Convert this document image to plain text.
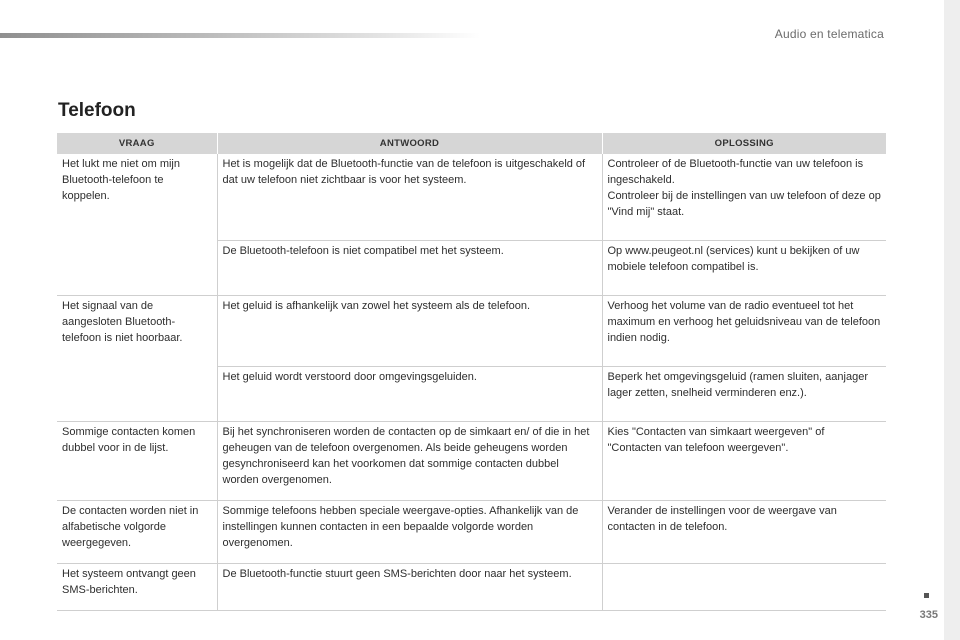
Audio en telematica
Telefoon
VRAAG	ANTWOORD	OPLOSSING
Het lukt me niet om mijn Bluetooth-telefoon te koppelen.	Het is mogelijk dat de Bluetooth-functie van de telefoon is uitgeschakeld of dat uw telefoon niet zichtbaar is voor het systeem.	Controleer of de Bluetooth-functie van uw telefoon is ingeschakeld.
Controleer bij de instellingen van uw telefoon of deze op "Vind mij" staat.
	De Bluetooth-telefoon is niet compatibel met het systeem.	Op www.peugeot.nl (services) kunt u bekijken of uw mobiele telefoon compatibel is.
Het signaal van de aangesloten Bluetooth-telefoon is niet hoorbaar.	Het geluid is afhankelijk van zowel het systeem als de telefoon.	Verhoog het volume van de radio eventueel tot het maximum en verhoog het geluidsniveau van de telefoon indien nodig.
	Het geluid wordt verstoord door omgevingsgeluiden.	Beperk het omgevingsgeluid (ramen sluiten, aanjager lager zetten, snelheid verminderen enz.).
Sommige contacten komen dubbel voor in de lijst.	Bij het synchroniseren worden de contacten op de simkaart en/ of die in het geheugen van de telefoon overgenomen. Als beide geheugens worden gesynchroniseerd kan het voorkomen dat sommige contacten dubbel worden overgenomen.	Kies "Contacten van simkaart weergeven" of "Contacten van telefoon weergeven".
De contacten worden niet in alfabetische volgorde weergegeven.	Sommige telefoons hebben speciale weergave-opties. Afhankelijk van de instellingen kunnen contacten in een bepaalde volgorde worden overgenomen.	Verander de instellingen voor de weergave van contacten in de telefoon.
Het systeem ontvangt geen SMS-berichten.	De Bluetooth-functie stuurt geen SMS-berichten door naar het systeem.	
335
